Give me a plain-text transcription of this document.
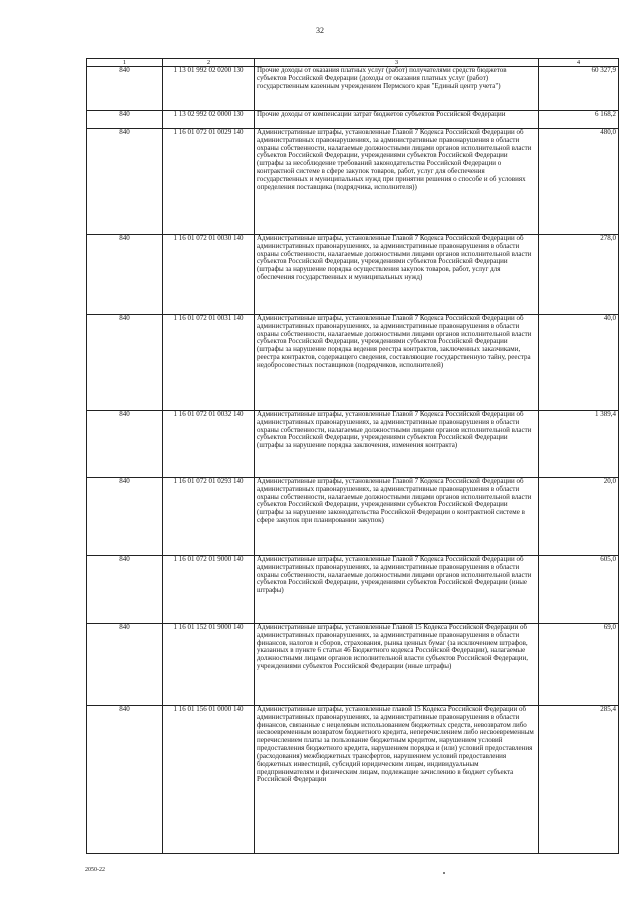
32
1	2	3	4
840	1 13 01 992 02 0200 130	Прочие доходы от оказания платных услуг (работ) получателями средств бюджетов субъектов Российской Федерации (доходы от оказания платных услуг (работ) государственным казенным учреждением Пермского края "Единый центр учета")	60 327,9
840	1 13 02 992 02 0000 130	Прочие доходы от компенсации затрат бюджетов субъектов Российской Федерации	6 168,2
840	1 16 01 072 01 0029 140	Административные штрафы, установленные Главой 7 Кодекса Российской Федерации об административных правонарушениях, за административные правонарушения в области охраны собственности, налагаемые должностными лицами органов исполнительной власти субъектов Российской Федерации, учреждениями субъектов Российской Федерации (штрафы за несоблюдение требований законодательства Российской Федерации о контрактной системе в сфере закупок товаров, работ, услуг для обеспечения государственных и муниципальных нужд при принятии решения о способе и об условиях определения поставщика (подрядчика, исполнителя))	480,0
840	1 16 01 072 01 0030 140	Административные штрафы, установленные Главой 7 Кодекса Российской Федерации об административных правонарушениях, за административные правонарушения в области охраны собственности, налагаемые должностными лицами органов исполнительной власти субъектов Российской Федерации, учреждениями субъектов Российской Федерации (штрафы за нарушение порядка осуществления закупок товаров, работ, услуг для обеспечения государственных и муниципальных нужд)	278,0
840	1 16 01 072 01 0031 140	Административные штрафы, установленные Главой 7 Кодекса Российской Федерации об административных правонарушениях, за административные правонарушения в области охраны собственности, налагаемые должностными лицами органов исполнительной власти субъектов Российской Федерации, учреждениями субъектов Российской Федерации (штрафы за нарушение порядка ведения реестра контрактов, заключенных заказчиками, реестра контрактов, содержащего сведения, составляющие государственную тайну, реестра недобросовестных поставщиков (подрядчиков, исполнителей)	40,0
840	1 16 01 072 01 0032 140	Административные штрафы, установленные Главой 7 Кодекса Российской Федерации об административных правонарушениях, за административные правонарушения в области охраны собственности, налагаемые должностными лицами органов исполнительной власти субъектов Российской Федерации, учреждениями субъектов Российской Федерации (штрафы за нарушение порядка заключения, изменения контракта)	1 389,4
840	1 16 01 072 01 0293 140	Административные штрафы, установленные Главой 7 Кодекса Российской Федерации об административных правонарушениях, за административные правонарушения в области охраны собственности, налагаемые должностными лицами органов исполнительной власти субъектов Российской Федерации, учреждениями субъектов Российской Федерации (штрафы за нарушение законодательства Российской Федерации о контрактной системе в сфере закупок при планировании закупок)	20,0
840	1 16 01 072 01 9000 140	Административные штрафы, установленные Главой 7 Кодекса Российской Федерации об административных правонарушениях, за административные правонарушения в области охраны собственности, налагаемые должностными лицами органов исполнительной власти субъектов Российской Федерации, учреждениями субъектов Российской Федерации (иные штрафы)	605,0
840	1 16 01 152 01 9000 140	Административные штрафы, установленные Главой 15 Кодекса Российской Федерации об административных правонарушениях, за административные правонарушения в области финансов, налогов и сборов, страхования, рынка ценных бумаг (за исключением штрафов, указанных в пункте 6 статьи 46 Бюджетного кодекса Российской Федерации), налагаемые должностными лицами органов исполнительной власти субъектов Российской Федерации, учреждениями субъектов Российской Федерации (иные штрафы)	69,0
840	1 16 01 156 01 0000 140	Административные штрафы, установленные главой 15 Кодекса Российской Федерации об административных правонарушениях, за административные правонарушения в области финансов, связанные с нецелевым использованием бюджетных средств, невозвратом либо несвоевременным возвратом бюджетного кредита, неперечислением либо несвоевременным перечислением платы за пользование бюджетным кредитом, нарушением условий предоставления бюджетного кредита, нарушением порядка и (или) условий предоставления (расходования) межбюджетных трансфертов, нарушением условий предоставления бюджетных инвестиций, субсидий юридическим лицам, индивидуальным предпринимателям и физическим лицам, подлежащие зачислению в бюджет субъекта Российской Федерации	285,4
2050-22
